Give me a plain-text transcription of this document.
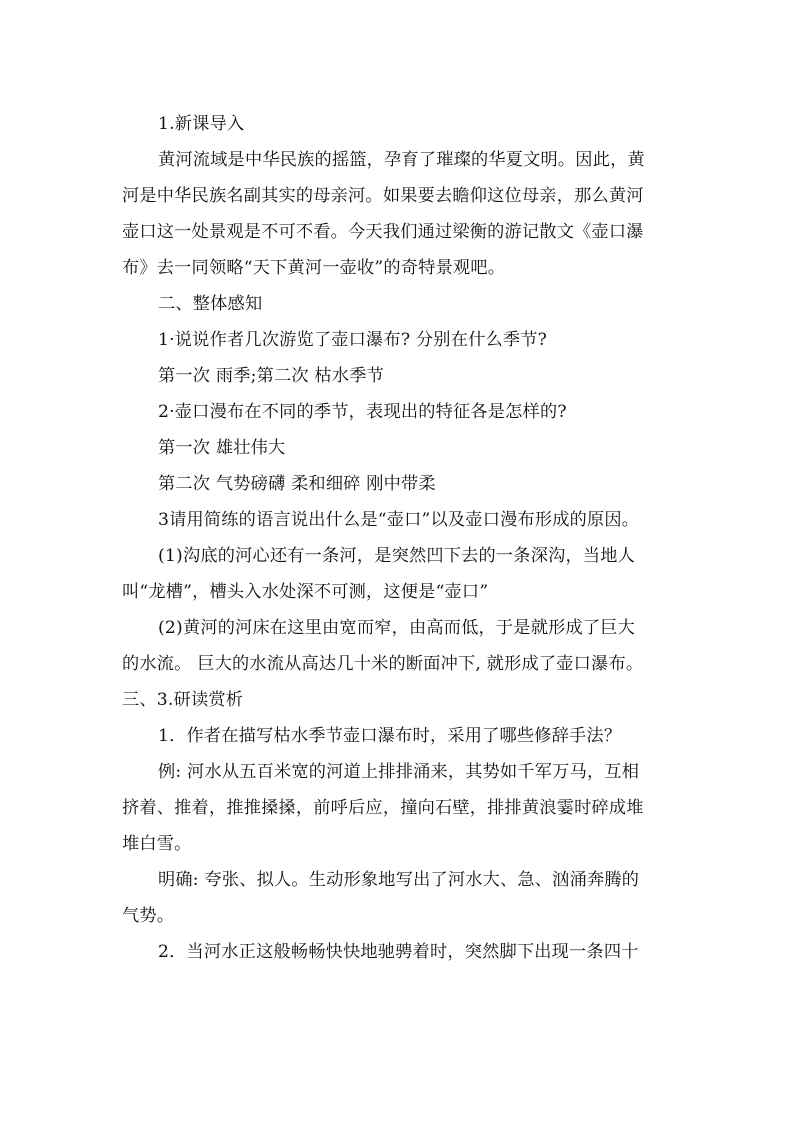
1.新课导入
黄河流域是中华民族的摇篮，孕育了璀璨的华夏文明。因此，黄
河是中华民族名副其实的母亲河。如果要去瞻仰这位母亲，那么黄河
壶口这一处景观是不可不看。今天我们通过梁衡的游记散文《壶口瀑
布》去一同领略“天下黄河一壶收”的奇特景观吧。
二、整体感知
1·说说作者几次游览了壶口瀑布? 分别在什么季节?
第一次 雨季;第二次 枯水季节
2·壶口漫布在不同的季节，表现出的特征各是怎样的?
第一次 雄壮伟大
第二次 气势磅礴 柔和细碎 刚中带柔
3请用简练的语言说出什么是“壶口”以及壶口漫布形成的原因。
(1)沟底的河心还有一条河，是突然凹下去的一条深沟，当地人
叫“龙槽”，槽头入水处深不可测，这便是“壶口”
(2)黄河的河床在这里由宽而窄，由高而低，于是就形成了巨大
的水流。 巨大的水流从高达几十米的断面冲下, 就形成了壶口瀑布。
三、3.研读赏析
1．作者在描写枯水季节壶口瀑布时，采用了哪些修辞手法？
例: 河水从五百米宽的河道上排排涌来，其势如千军万马，互相
挤着、推着，推推搡搡，前呼后应，撞向石壁，排排黄浪霎时碎成堆
堆白雪。
明确: 夸张、拟人。生动形象地写出了河水大、急、汹涌奔腾的
气势。
2．当河水正这般畅畅快快地驰骋着时，突然脚下出现一条四十
